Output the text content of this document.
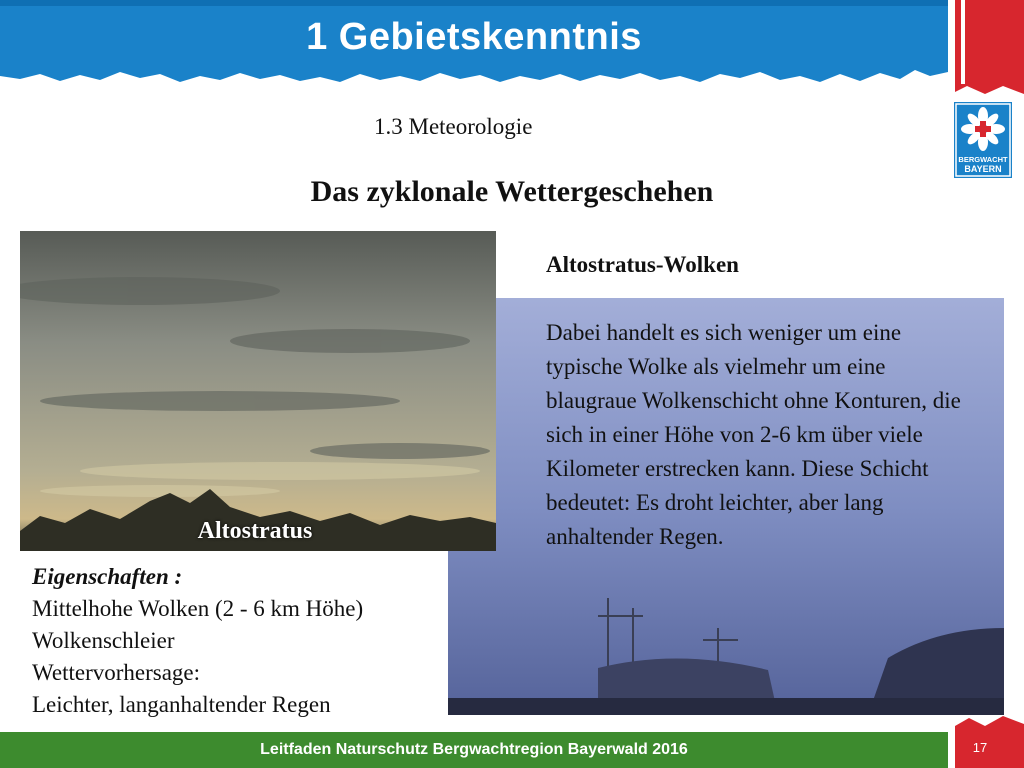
1 Gebietskenntnis
BERGWACHT
BAYERN
1.3 Meteorologie
Das zyklonale Wettergeschehen
Altostratus
Altostratus-Wolken
Dabei handelt es sich weniger um eine typische Wolke als vielmehr um eine blaugraue Wolkenschicht ohne Konturen, die sich in einer Höhe von 2-6 km über viele Kilometer erstrecken kann. Diese Schicht bedeutet: Es droht leichter, aber lang anhaltender Regen.
Eigenschaften :
Mittelhohe Wolken (2 - 6 km Höhe)
Wolkenschleier
Wettervorhersage:
Leichter, langanhaltender Regen
Leitfaden Naturschutz Bergwachtregion Bayerwald 2016	17
